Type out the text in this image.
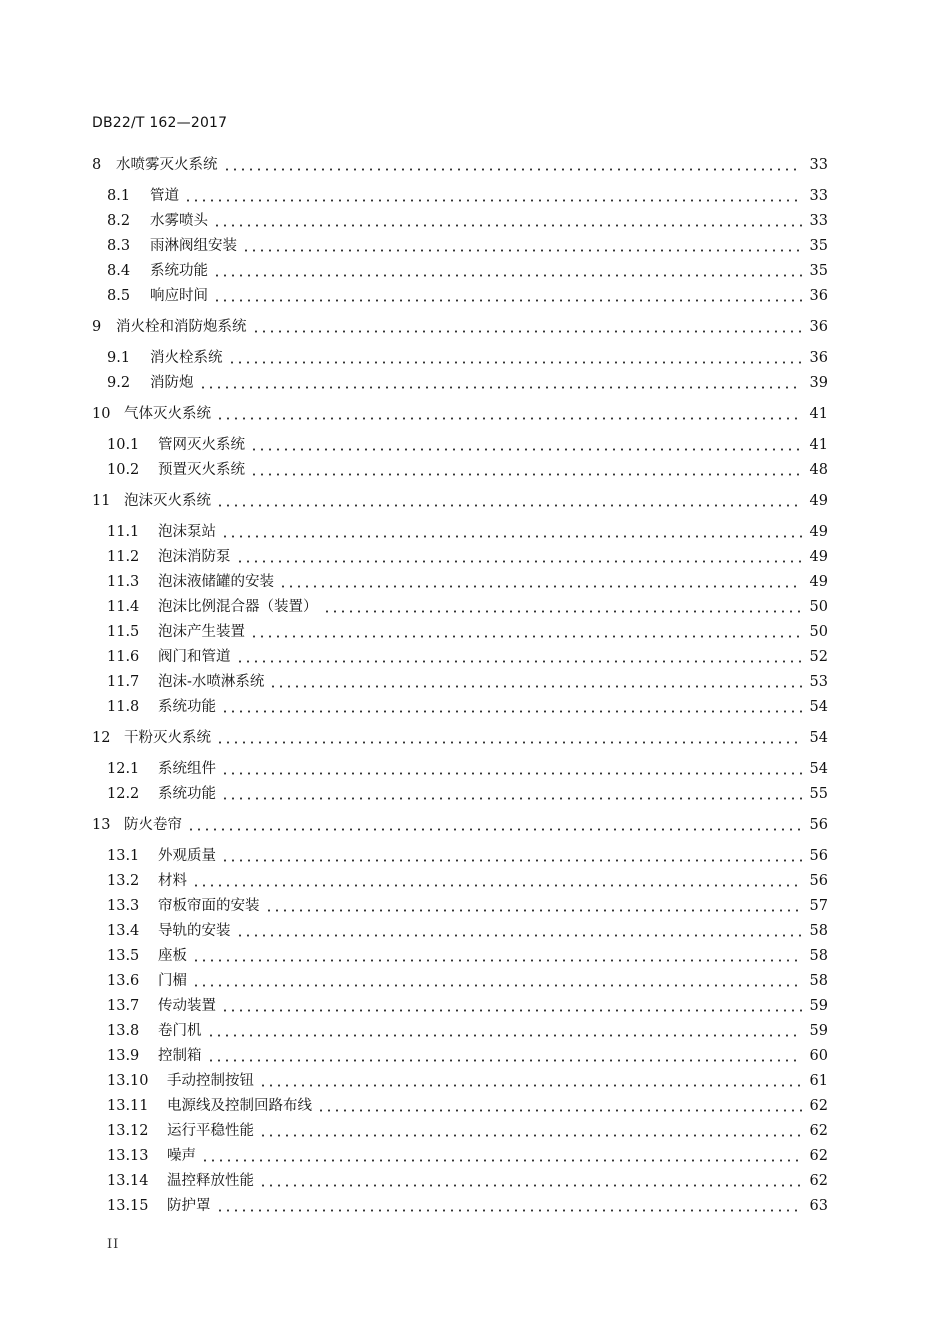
DB22/T 162—2017
8	水喷雾灭火系统	33
8.1	管道	33
8.2	水雾喷头	33
8.3	雨淋阀组安装	35
8.4	系统功能	35
8.5	响应时间	36
9	消火栓和消防炮系统	36
9.1	消火栓系统	36
9.2	消防炮	39
10 气体灭火系统	41
10.1	管网灭火系统	41
10.2	预置灭火系统	48
11 泡沫灭火系统	49
11.1	泡沫泵站	49
11.2	泡沫消防泵	49
11.3	泡沫液储罐的安装	49
11.4	泡沫比例混合器（装置）	50
11.5	泡沫产生装置	50
11.6	阀门和管道	52
11.7	泡沫-水喷淋系统	53
11.8	系统功能	54
12 干粉灭火系统	54
12.1	系统组件	54
12.2	系统功能	55
13 防火卷帘	56
13.1	外观质量	56
13.2	材料	56
13.3	帘板帘面的安装	57
13.4	导轨的安装	58
13.5	座板	58
13.6	门楣	58
13.7	传动装置	59
13.8	卷门机	59
13.9	控制箱	60
13.10	手动控制按钮	61
13.11	电源线及控制回路布线	62
13.12	运行平稳性能	62
13.13	噪声	62
13.14	温控释放性能	62
13.15	防护罩	63
II
